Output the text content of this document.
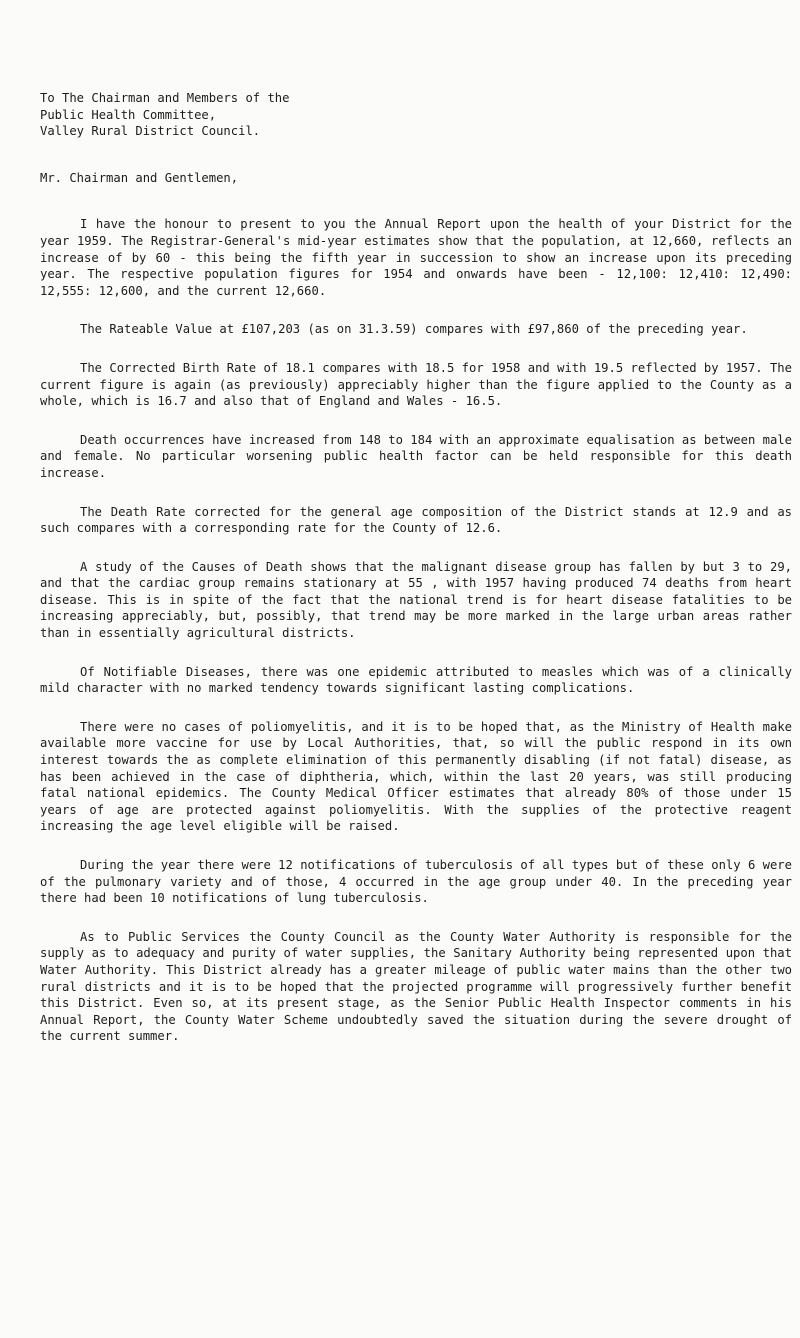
To The Chairman and Members of the

Public Health Committee,

Valley Rural District Council.

Mr. Chairman and Gentlemen,

I have the honour to present to you the Annual Report upon the health of your District for the year 1959. The Registrar-General's mid-year estimates show that the population, at 12,660, reflects an increase of by 60 - this being the fifth year in succession to show an increase upon its preceding year. The respective population figures for 1954 and onwards have been - 12,100: 12,410: 12,490: 12,555: 12,600, and the current 12,660.

The Rateable Value at £107,203 (as on 31.3.59) compares with £97,860 of the preceding year.

The Corrected Birth Rate of 18.1 compares with 18.5 for 1958 and with 19.5 reflected by 1957. The current figure is again (as previously) appreciably higher than the figure applied to the County as a whole, which is 16.7 and also that of England and Wales - 16.5.

Death occurrences have increased from 148 to 184 with an approximate equalisation as between male and female. No particular worsening public health factor can be held responsible for this death increase.

The Death Rate corrected for the general age composition of the District stands at 12.9 and as such compares with a corresponding rate for the County of 12.6.

A study of the Causes of Death shows that the malignant disease group has fallen by but 3 to 29, and that the cardiac group remains stationary at 55 , with 1957 having produced 74 deaths from heart disease. This is in spite of the fact that the national trend is for heart disease fatalities to be increasing appreciably, but, possibly, that trend may be more marked in the large urban areas rather than in essentially agricultural districts.

Of Notifiable Diseases, there was one epidemic attributed to measles which was of a clinically mild character with no marked tendency towards significant lasting complications.

There were no cases of poliomyelitis, and it is to be hoped that, as the Ministry of Health make available more vaccine for use by Local Authorities, that, so will the public respond in its own interest towards the as complete elimination of this permanently disabling (if not fatal) disease, as has been achieved in the case of diphtheria, which, within the last 20 years, was still producing fatal national epidemics. The County Medical Officer estimates that already 80% of those under 15 years of age are protected against poliomyelitis. With the supplies of the protective reagent increasing the age level eligible will be raised.

During the year there were 12 notifications of tuberculosis of all types but of these only 6 were of the pulmonary variety and of those, 4 occurred in the age group under 40. In the preceding year there had been 10 notifications of lung tuberculosis.

As to Public Services the County Council as the County Water Authority is responsible for the supply as to adequacy and purity of water supplies, the Sanitary Authority being represented upon that Water Authority. This District already has a greater mileage of public water mains than the other two rural districts and it is to be hoped that the projected programme will progressively further benefit this District. Even so, at its present stage, as the Senior Public Health Inspector comments in his Annual Report, the County Water Scheme undoubtedly saved the situation during the severe drought of the current summer.
